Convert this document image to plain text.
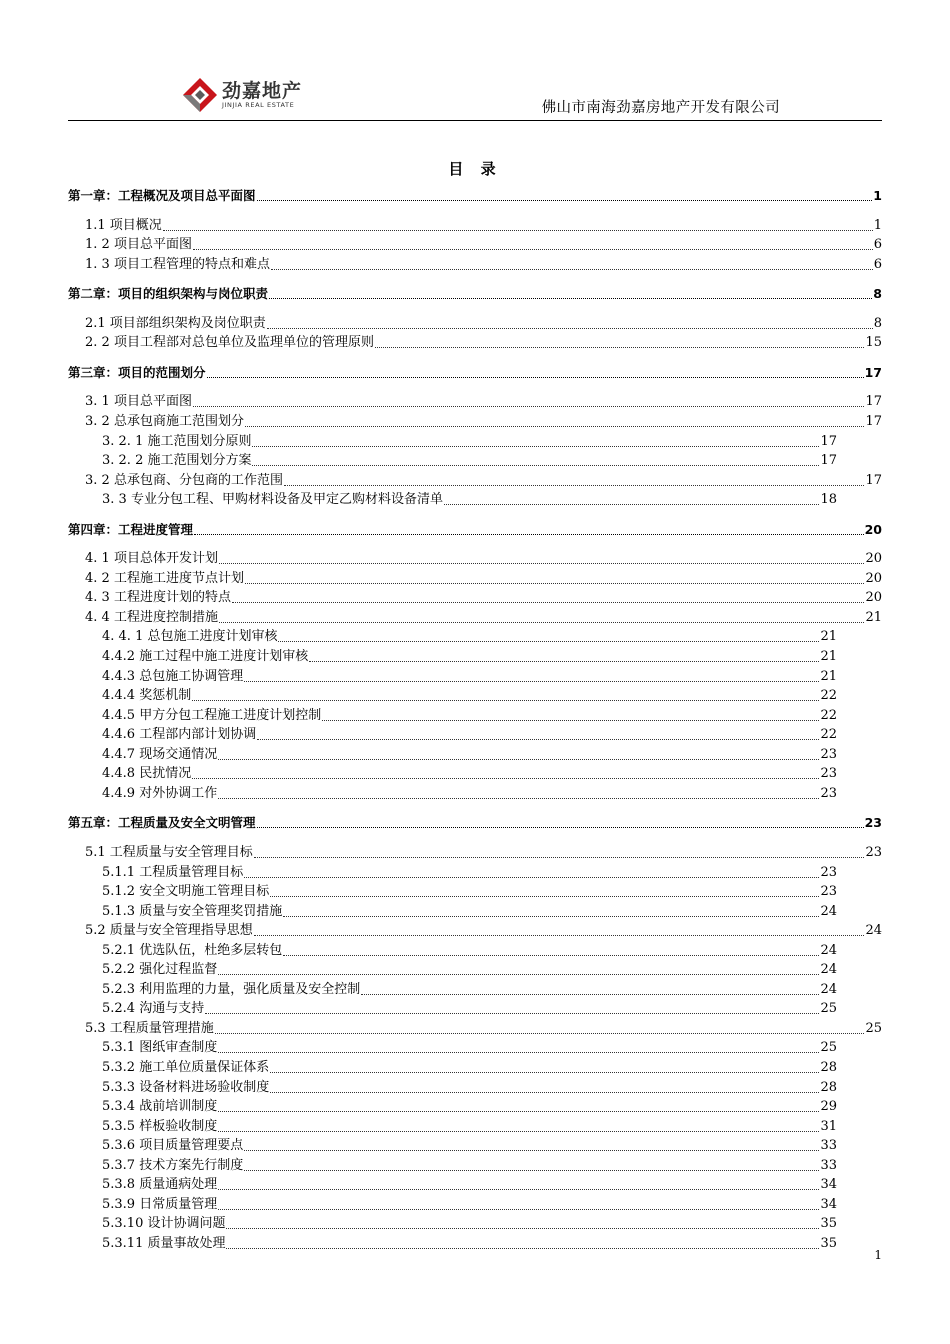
劲嘉地产
JINJIA REAL ESTATE	佛山市南海劲嘉房地产开发有限公司
目 录
第一章：工程概况及项目总平面图	1
1.1 项目概况	1
1. 2 项目总平面图	6
1. 3 项目工程管理的特点和难点	6
第二章：项目的组织架构与岗位职责	8
2.1 项目部组织架构及岗位职责	8
2. 2 项目工程部对总包单位及监理单位的管理原则	15
第三章：项目的范围划分	17
3. 1 项目总平面图	17
3. 2 总承包商施工范围划分	17
3. 2. 1 施工范围划分原则	17
3. 2. 2 施工范围划分方案	17
3. 2 总承包商、分包商的工作范围	17
3. 3 专业分包工程、甲购材料设备及甲定乙购材料设备清单	18
第四章：工程进度管理	20
4. 1 项目总体开发计划	20
4. 2 工程施工进度节点计划	20
4. 3 工程进度计划的特点	20
4. 4 工程进度控制措施	21
4. 4. 1 总包施工进度计划审核	21
4.4.2 施工过程中施工进度计划审核	21
4.4.3 总包施工协调管理	21
4.4.4 奖惩机制	22
4.4.5 甲方分包工程施工进度计划控制	22
4.4.6 工程部内部计划协调	22
4.4.7 现场交通情况	23
4.4.8 民扰情况	23
4.4.9 对外协调工作	23
第五章：工程质量及安全文明管理	23
5.1 工程质量与安全管理目标	23
5.1.1 工程质量管理目标	23
5.1.2 安全文明施工管理目标	23
5.1.3 质量与安全管理奖罚措施	24
5.2 质量与安全管理指导思想	24
5.2.1 优选队伍，杜绝多层转包	24
5.2.2 强化过程监督	24
5.2.3 利用监理的力量，强化质量及安全控制	24
5.2.4 沟通与支持	25
5.3 工程质量管理措施	25
5.3.1 图纸审查制度	25
5.3.2 施工单位质量保证体系	28
5.3.3 设备材料进场验收制度	28
5.3.4 战前培训制度	29
5.3.5 样板验收制度	31
5.3.6 项目质量管理要点	33
5.3.7 技术方案先行制度	33
5.3.8 质量通病处理	34
5.3.9 日常质量管理	34
5.3.10 设计协调问题	35
5.3.11 质量事故处理	35
1
